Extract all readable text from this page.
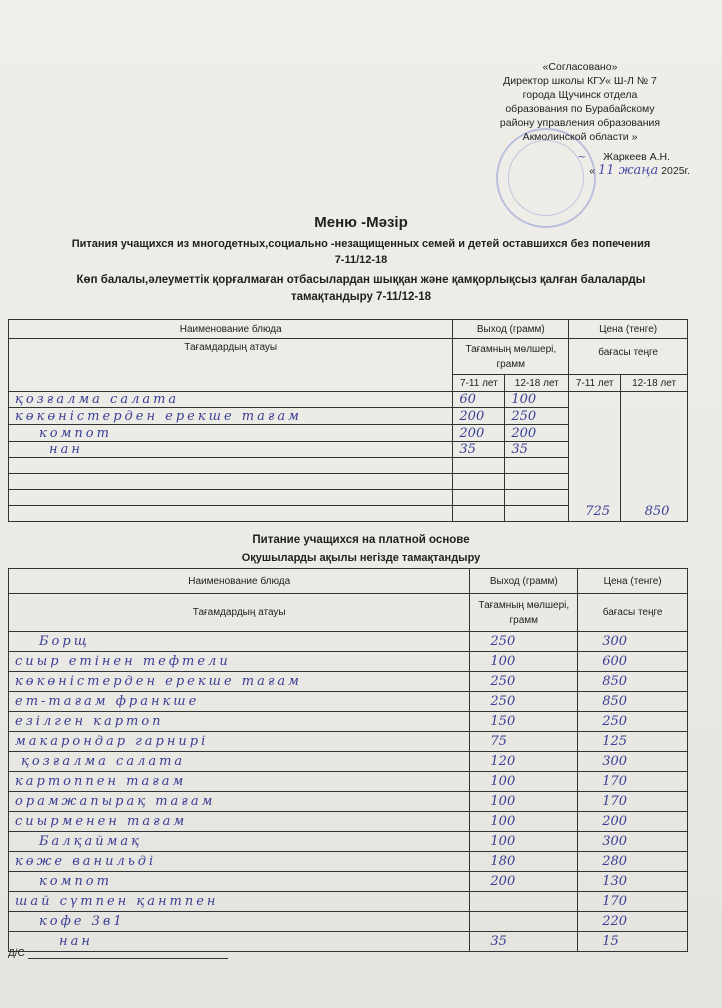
«Согласовано»
Директор школы КГУ« Ш-Л № 7
города Щучинск отдела
образования по Бурабайскому
району управления образования
Акмолинской области »
~ Жаркеев А.Н.
« 11 жаңа 2025г.
Меню -Мәзір
Питания учащихся из многодетных,социально -незащищенных семей и детей оставшихся без попечения
7-11/12-18
Көп балалы,әлеуметтік қорғалмаған отбасылардан шыққан және қамқорлықсыз қалған балаларды
тамақтандыру 7-11/12-18
Наименование блюда	Выход (грамм)		Цена (тенге)	
Тағамдардың атауы	Тағамның мөлшері, грамм		бағасы теңге	
	7-11 лет	12-18 лет	7-11 лет	12-18 лет
қозғалма салата	60	100	725	850
көкөністерден ерекше тағам	200	250		
компот	200	200		
нан	35	35		

Питание учащихся на платной основе
Оқушыларды ақылы негізде тамақтандыру
Наименование блюда	Выход (грамм)	Цена (тенге)
Тағамдардың атауы	Тағамның мөлшері, грамм	бағасы теңге
Борщ	250	300
сиыр етінен тефтели	100	600
көкөністерден ерекше тағам	250	850
ет-тағам франкше	250	850
езілген картоп	150	250
макарондар гарнирі	75	125
қозғалма салата	120	300
картоппен тағам	100	170
орамжапырақ тағам	100	170
сиырменен тағам	100	200
Балқаймақ	100	300
көже ванильді	180	280
компот	200	130
шай сүтпен қантпен		170
кофе 3в1		220
нан	35	15
Д/С
